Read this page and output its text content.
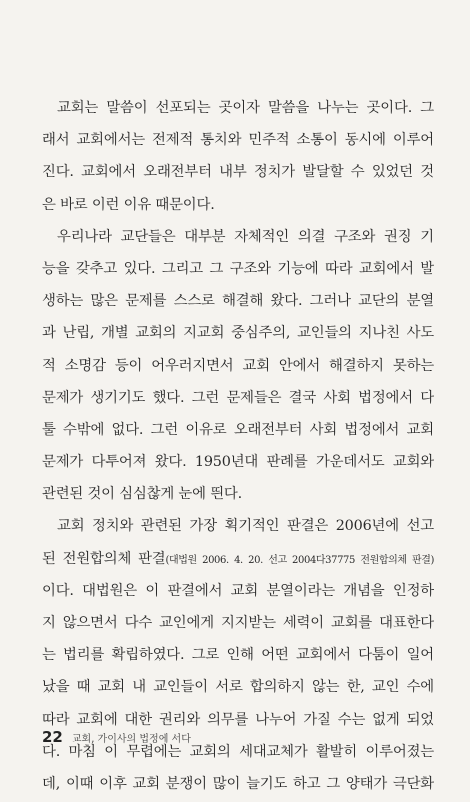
교회는 말씀이 선포되는 곳이자 말씀을 나누는 곳이다. 그
래서 교회에서는 전제적 통치와 민주적 소통이 동시에 이루어
진다. 교회에서 오래전부터 내부 정치가 발달할 수 있었던 것
은 바로 이런 이유 때문이다.
우리나라 교단들은 대부분 자체적인 의결 구조와 권징 기
능을 갖추고 있다. 그리고 그 구조와 기능에 따라 교회에서 발
생하는 많은 문제를 스스로 해결해 왔다. 그러나 교단의 분열
과 난립, 개별 교회의 지교회 중심주의, 교인들의 지나친 사도
적 소명감 등이 어우러지면서 교회 안에서 해결하지 못하는
문제가 생기기도 했다. 그런 문제들은 결국 사회 법정에서 다
툴 수밖에 없다. 그런 이유로 오래전부터 사회 법정에서 교회
문제가 다투어져 왔다. 1950년대 판례를 가운데서도 교회와
관련된 것이 심심찮게 눈에 띈다.
교회 정치와 관련된 가장 획기적인 판결은 2006년에 선고
된 전원합의체 판결(대법원 2006. 4. 20. 선고 2004다37775 전원합의체 판결)
이다. 대법원은 이 판결에서 교회 분열이라는 개념을 인정하
지 않으면서 다수 교인에게 지지받는 세력이 교회를 대표한다
는 법리를 확립하였다. 그로 인해 어떤 교회에서 다툼이 일어
났을 때 교회 내 교인들이 서로 합의하지 않는 한, 교인 수에
따라 교회에 대한 권리와 의무를 나누어 가질 수는 없게 되었
다. 마침 이 무렵에는 교회의 세대교체가 활발히 이루어졌는
데, 이때 이후 교회 분쟁이 많이 늘기도 하고 그 양태가 극단화
22 교회, 가이사의 법정에 서다
